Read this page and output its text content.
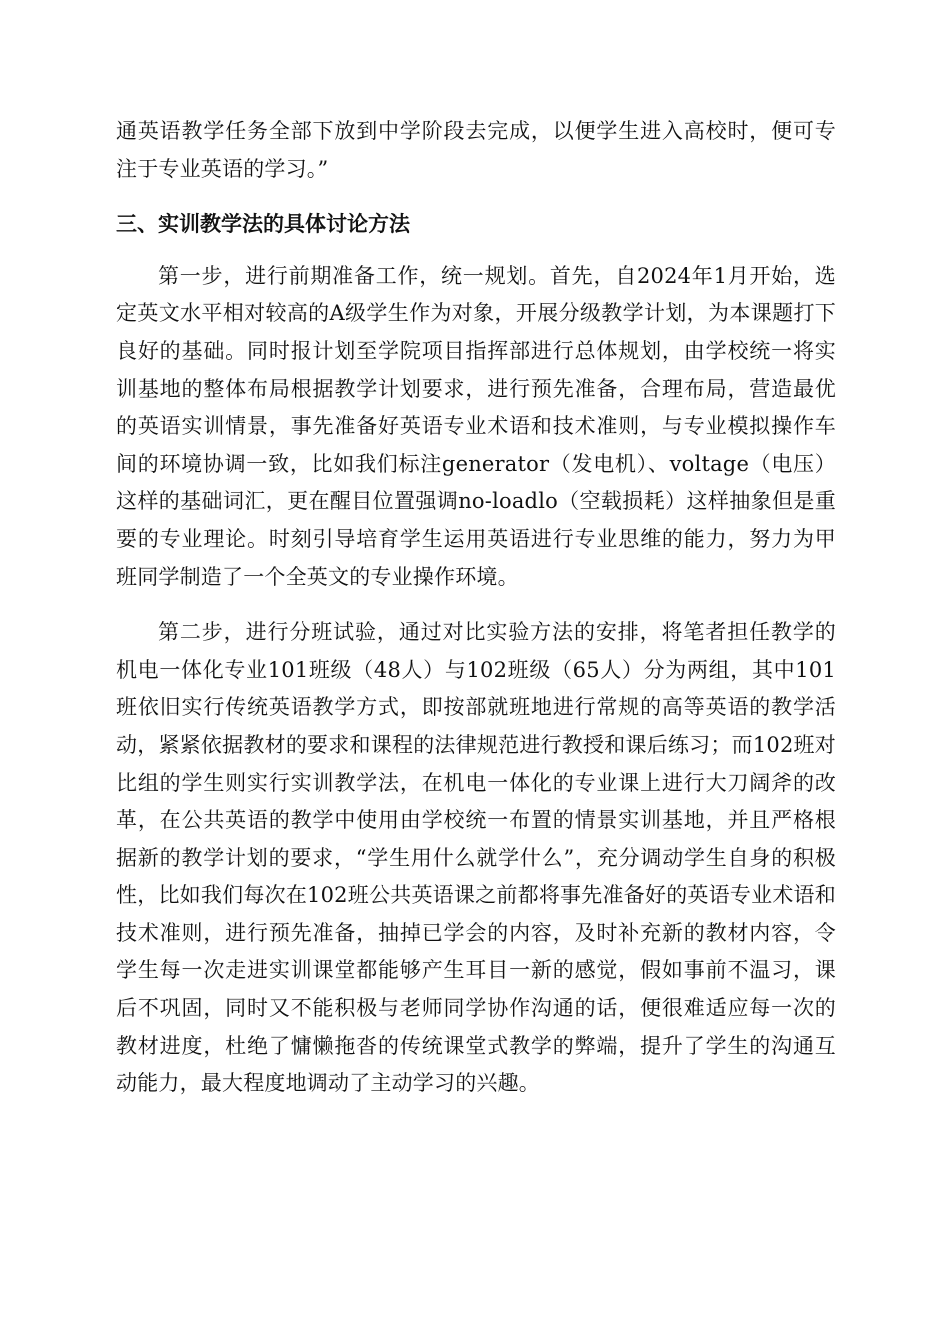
通英语教学任务全部下放到中学阶段去完成，以便学生进入高校时，便可专注于专业英语的学习。”

三、实训教学法的具体讨论方法

第一步，进行前期准备工作，统一规划。首先，自2024年1月开始，选定英文水平相对较高的A级学生作为对象，开展分级教学计划，为本课题打下良好的基础。同时报计划至学院项目指挥部进行总体规划，由学校统一将实训基地的整体布局根据教学计划要求，进行预先准备，合理布局，营造最优的英语实训情景，事先准备好英语专业术语和技术准则，与专业模拟操作车间的环境协调一致，比如我们标注generator（发电机）、voltage（电压）这样的基础词汇，更在醒目位置强调no-loadlo（空载损耗）这样抽象但是重要的专业理论。时刻引导培育学生运用英语进行专业思维的能力，努力为甲班同学制造了一个全英文的专业操作环境。

第二步，进行分班试验，通过对比实验方法的安排，将笔者担任教学的机电一体化专业101班级（48人）与102班级（65人）分为两组，其中101班依旧实行传统英语教学方式，即按部就班地进行常规的高等英语的教学活动，紧紧依据教材的要求和课程的法律规范进行教授和课后练习；而102班对比组的学生则实行实训教学法，在机电一体化的专业课上进行大刀阔斧的改革，在公共英语的教学中使用由学校统一布置的情景实训基地，并且严格根据新的教学计划的要求，“学生用什么就学什么”，充分调动学生自身的积极性，比如我们每次在102班公共英语课之前都将事先准备好的英语专业术语和技术准则，进行预先准备，抽掉已学会的内容，及时补充新的教材内容，令学生每一次走进实训课堂都能够产生耳目一新的感觉，假如事前不温习，课后不巩固，同时又不能积极与老师同学协作沟通的话，便很难适应每一次的教材进度，杜绝了慵懒拖沓的传统课堂式教学的弊端，提升了学生的沟通互动能力，最大程度地调动了主动学习的兴趣。
